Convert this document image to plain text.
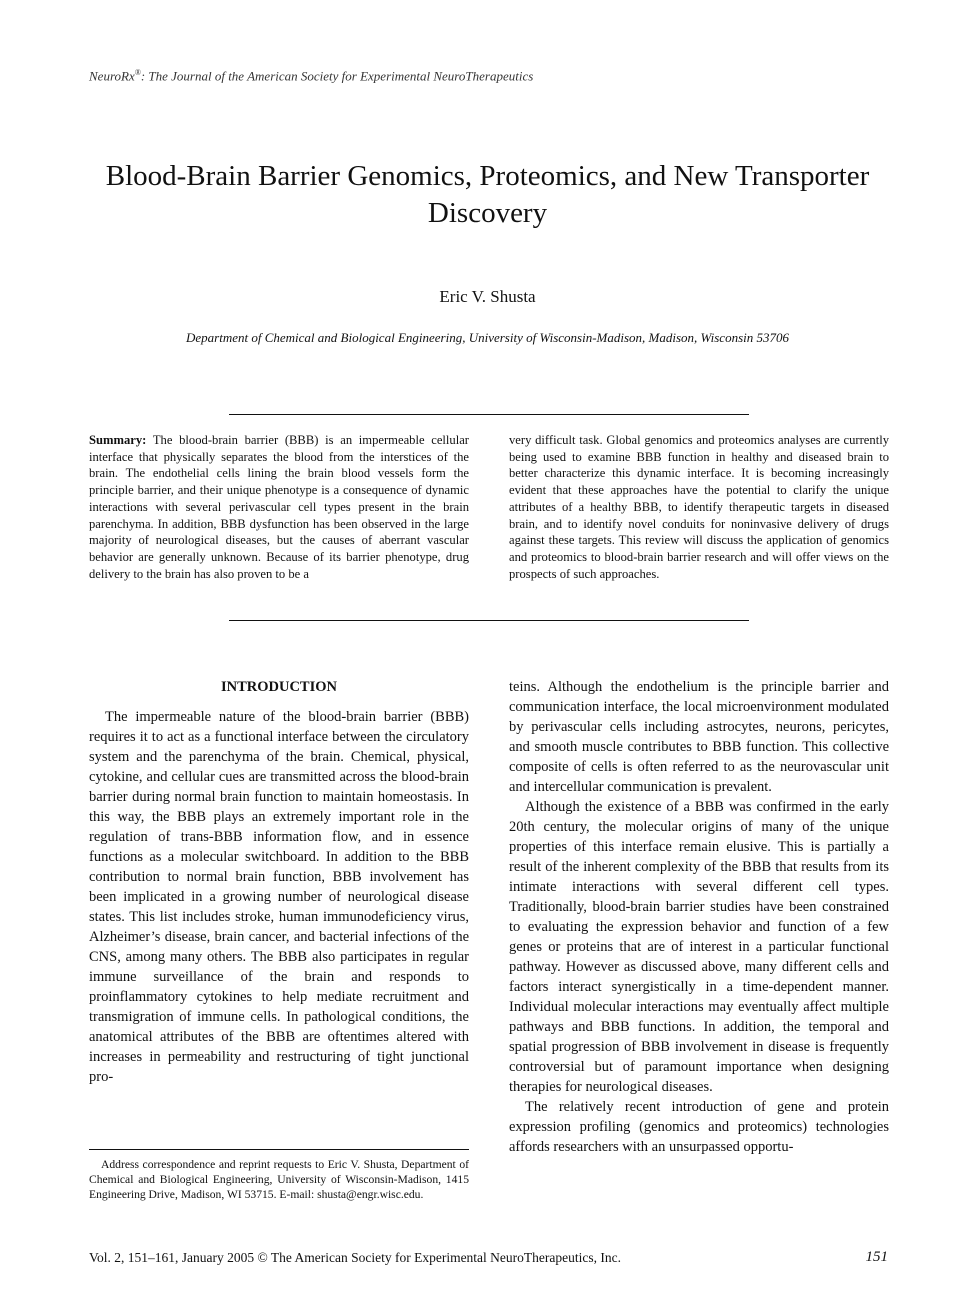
NeuroRx®: The Journal of the American Society for Experimental NeuroTherapeutics
Blood-Brain Barrier Genomics, Proteomics, and New Transporter Discovery
Eric V. Shusta
Department of Chemical and Biological Engineering, University of Wisconsin-Madison, Madison, Wisconsin 53706
Summary: The blood-brain barrier (BBB) is an impermeable cellular interface that physically separates the blood from the interstices of the brain. The endothelial cells lining the brain blood vessels form the principle barrier, and their unique phenotype is a consequence of dynamic interactions with several perivascular cell types present in the brain parenchyma. In addition, BBB dysfunction has been observed in the large majority of neurological diseases, but the causes of aberrant vascular behavior are generally unknown. Because of its barrier phenotype, drug delivery to the brain has also proven to be a
very difficult task. Global genomics and proteomics analyses are currently being used to examine BBB function in healthy and diseased brain to better characterize this dynamic interface. It is becoming increasingly evident that these approaches have the potential to clarify the unique attributes of a healthy BBB, to identify therapeutic targets in diseased brain, and to identify novel conduits for noninvasive delivery of drugs against these targets. This review will discuss the application of genomics and proteomics to blood-brain barrier research and will offer views on the prospects of such approaches.
INTRODUCTION

The impermeable nature of the blood-brain barrier (BBB) requires it to act as a functional interface between the circulatory system and the parenchyma of the brain. Chemical, physical, cytokine, and cellular cues are transmitted across the blood-brain barrier during normal brain function to maintain homeostasis. In this way, the BBB plays an extremely important role in the regulation of trans-BBB information flow, and in essence functions as a molecular switchboard. In addition to the BBB contribution to normal brain function, BBB involvement has been implicated in a growing number of neurological disease states. This list includes stroke, human immunodeficiency virus, Alzheimer’s disease, brain cancer, and bacterial infections of the CNS, among many others. The BBB also participates in regular immune surveillance of the brain and responds to proinflammatory cytokines to help mediate recruitment and transmigration of immune cells. In pathological conditions, the anatomical attributes of the BBB are oftentimes altered with increases in permeability and restructuring of tight junctional pro-

teins. Although the endothelium is the principle barrier and communication interface, the local microenvironment modulated by perivascular cells including astrocytes, neurons, pericytes, and smooth muscle contributes to BBB function. This collective composite of cells is often referred to as the neurovascular unit and intercellular communication is prevalent.

Although the existence of a BBB was confirmed in the early 20th century, the molecular origins of many of the unique properties of this interface remain elusive. This is partially a result of the inherent complexity of the BBB that results from its intimate interactions with several different cell types. Traditionally, blood-brain barrier studies have been constrained to evaluating the expression behavior and function of a few genes or proteins that are of interest in a particular functional pathway. However as discussed above, many different cells and factors interact synergistically in a time-dependent manner. Individual molecular interactions may eventually affect multiple pathways and BBB functions. In addition, the temporal and spatial progression of BBB involvement in disease is frequently controversial but of paramount importance when designing therapies for neurological diseases.

The relatively recent introduction of gene and protein expression profiling (genomics and proteomics) technologies affords researchers with an unsurpassed opportu-

Address correspondence and reprint requests to Eric V. Shusta, Department of Chemical and Biological Engineering, University of Wisconsin-Madison, 1415 Engineering Drive, Madison, WI 53715. E-mail: shusta@engr.wisc.edu.
Vol. 2, 151–161, January 2005 © The American Society for Experimental NeuroTherapeutics, Inc.	151
